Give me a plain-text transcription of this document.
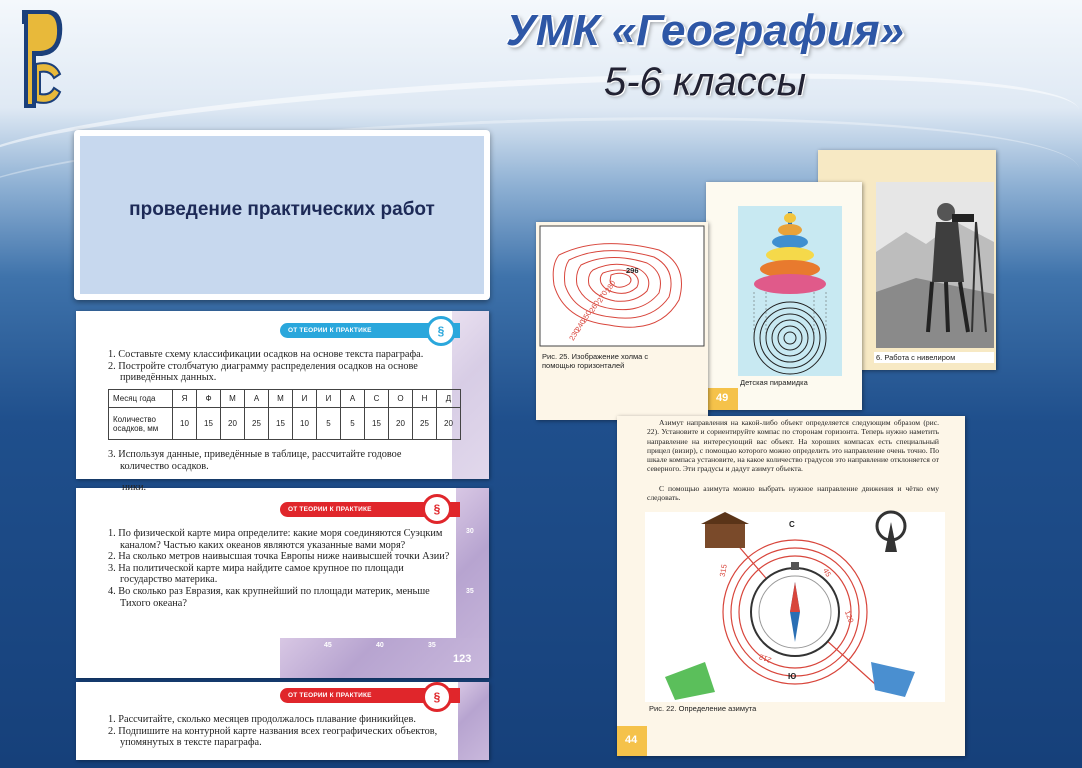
УМК «География»
5-6 классы
проведение практических работ
ОТ ТЕОРИИ К ПРАКТИКЕ	§
1. Составьте схему классификации осадков на основе текста параграфа.
2. Постройте столбчатую диаграмму распределения осадков на основе приведённых данных.
Месяц года	Я	Ф	М	А	М	И	И	А	С	О	Н	Д
Количество осадков, мм	10	15	20	25	15	10	5	5	15	20	25	20
3. Используя данные, приведённые в таблице, рассчитайте годовое количество осадков.
ники.
ОТ ТЕОРИИ К ПРАКТИКЕ	§
1. По физической карте мира определите: какие моря соединяются Суэцким каналом? Частью каких океанов являются указанные вами моря?
2. На сколько метров наивысшая точка Европы ниже наивысшей точки Азии?
3. На политической карте мира найдите самое крупное по площади государство материка.
4. Во сколько раз Евразия, как крупнейший по площади материк, меньше Тихого океана?
45	40	35
30
35
123
ОТ ТЕОРИИ К ПРАКТИКЕ	§
1. Рассчитайте, сколько месяцев продолжалось плавание финикийцев.
2. Подпишите на контурной карте названия всех географических объектов, упомянутых в тексте параграфа.
6. Работа с нивелиром
Детская пирамидка
49
296
280
270
260
250
240
230
Рис. 25. Изображение холма с помощью горизонталей
Азимут направления на какой-либо объект определяется следующим образом (рис. 22). Установите и сориентируйте компас по сторонам горизонта. Теперь нужно наметить направление на интересующий вас объект. На хороших компасах есть специальный прицел (визир), с помощью которого можно определить это направление очень точно. По шкале компаса установите, на какое количество градусов это направление отклоняется от северного. Эти градусы и дадут азимут объекта.
С помощью азимута можно выбрать нужное направление движения и чётко ему следовать.
С
Ю
315
212
45
120
Рис. 22. Определение азимута
44
